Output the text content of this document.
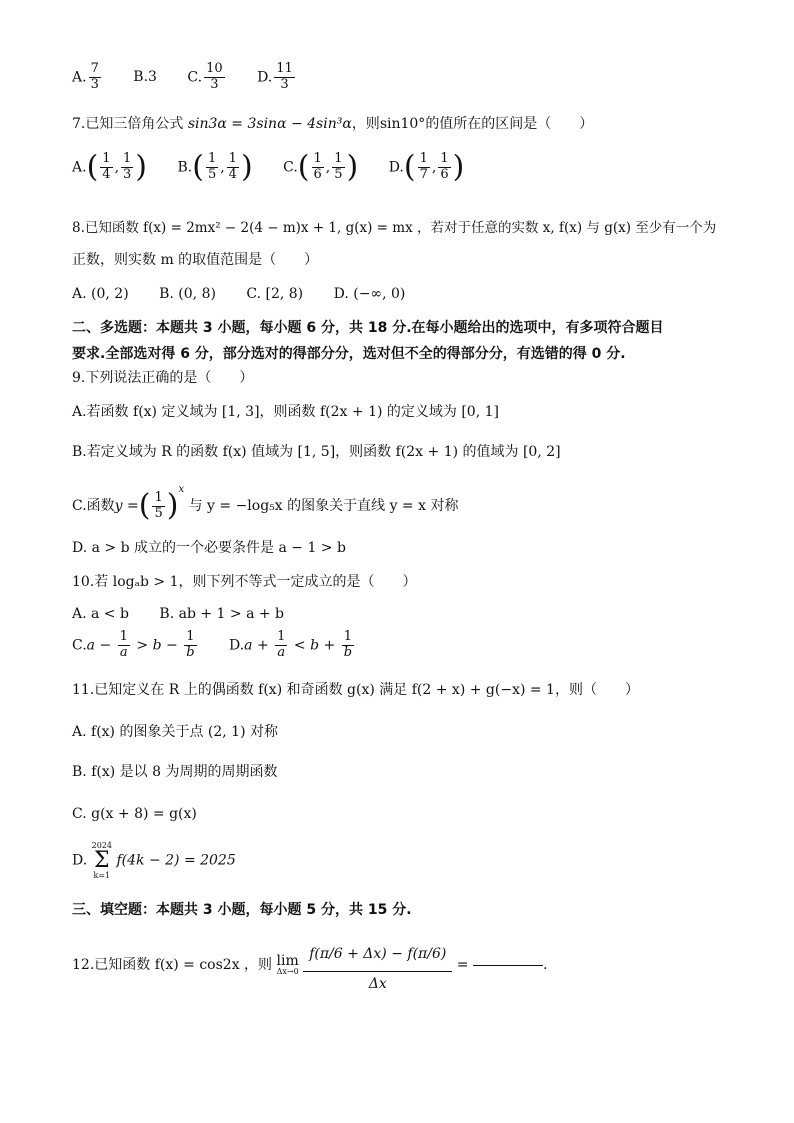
A. $\frac{7}{3} B.3$ C. $\frac{10}{3} D$. $\frac{11}{3}$
7.已知三倍角公式 sin3α = 3sinα − 4sin³α，则sin10°的值所在的区间是（　　）
$A.( \frac{1}{4}$ , $\frac{1}{3}$ ) $B.( \frac{1}{5}$ , $\frac{1}{4}$ ) $C.( \frac{1}{6}$ , $\frac{1}{5}$ ) $D.( \frac{1}{7}$ , $\frac{1}{6}$ )
8.已知函数 f(x) = 2mx² − 2(4 − m)x + 1, g(x) = mx ，若对于任意的实数 x, f(x) 与 g(x) 至少有一个为
正数，则实数 m 的取值范围是（　　）
A. (0, 2) B. (0, 8) C. [2, 8) D. (−∞, 0)
二、多选题：本题共 3 小题，每小题 6 分，共 18 分.在每小题给出的选项中，有多项符合题目
要求.全部选对得 6 分，部分选对的得部分分，选对但不全的得部分分，有选错的得 0 分.
9.下列说法正确的是（　　）
A.若函数 f(x) 定义域为 [1, 3]，则函数 f(2x + 1) 的定义域为 [0, 1]
B.若定义域为 R 的函数 f(x) 值域为 [1, 5]，则函数 f(2x + 1) 的值域为 [0, 2]
C.函数y =( $\frac{1}{5} )^x$ 与 y = −log₅x 的图象关于直线 y = x 对称
D. a > b 成立的一个必要条件是 a − 1 > b
10.若 logₐb > 1，则下列不等式一定成立的是（　　）
A. a < b B. ab + 1 > a + b
$C.a - \frac{1}{a} > b - \frac{1}{b} D.a + \frac{1}{a} < b + \frac{1}{b}$
11.已知定义在 R 上的偶函数 f(x) 和奇函数 g(x) 满足 f(2 + x) + g(−x) = 1，则（　　）
A. f(x) 的图象关于点 (2, 1) 对称
B. f(x) 是以 8 为周期的周期函数
C. g(x + 8) = g(x)
D.
2024
Σ
k=1
f(4k − 2) = 2025
三、填空题：本题共 3 小题，每小题 5 分，共 15 分.
12.已知函数 f(x) = cos2x ，则 lim
Δx→0
$\frac{f(\pi/6 + \Delta x) - f(\pi/6)}{\Delta x}$ =	.
